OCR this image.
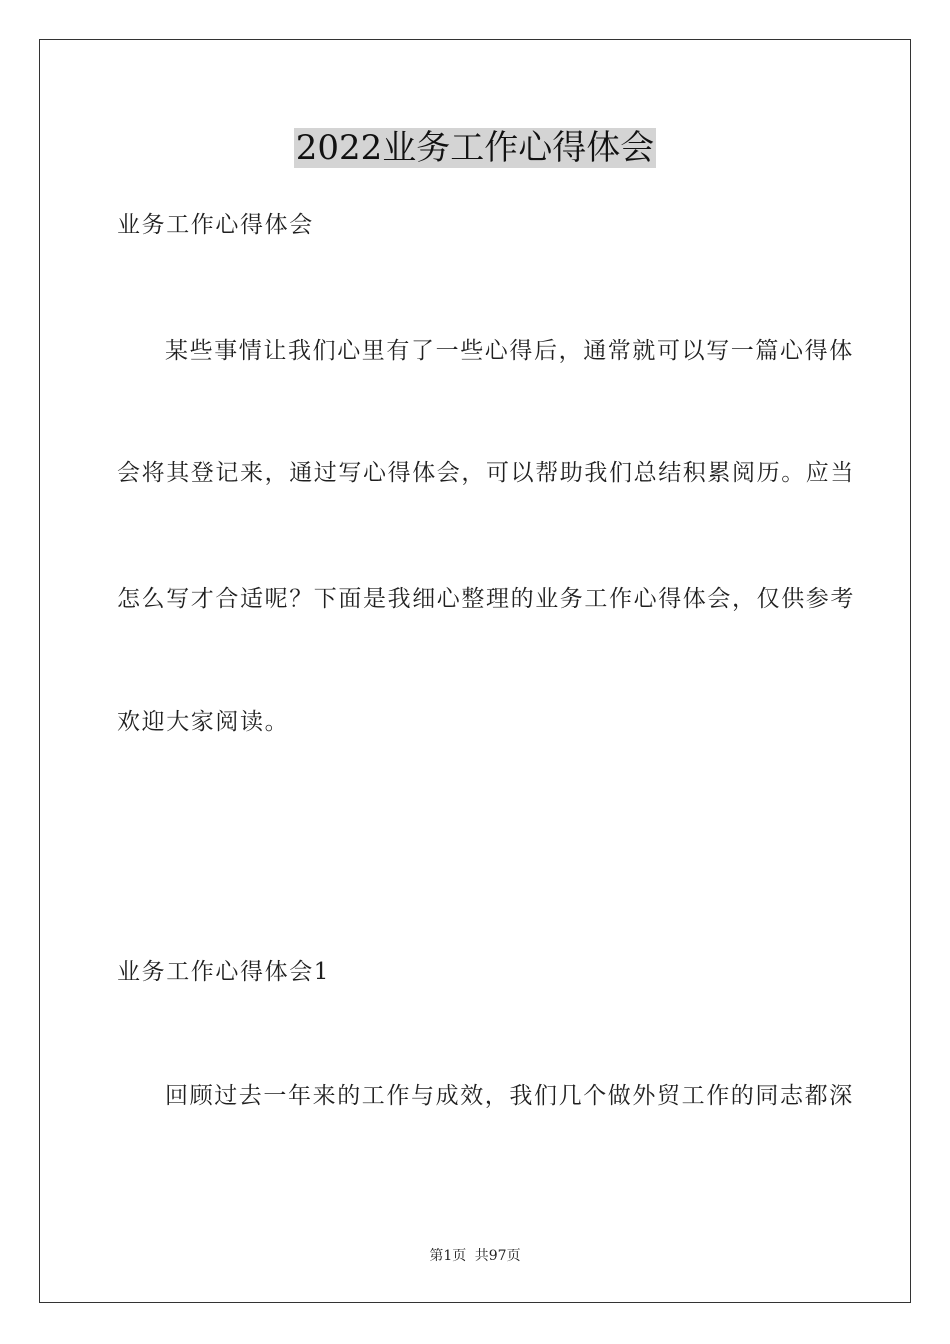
2022业务工作心得体会
业务工作心得体会
某些事情让我们心里有了一些心得后，通常就可以写一篇心得体
会将其登记来，通过写心得体会，可以帮助我们总结积累阅历。应当
怎么写才合适呢？下面是我细心整理的业务工作心得体会，仅供参考
欢迎大家阅读。
业务工作心得体会1
回顾过去一年来的工作与成效，我们几个做外贸工作的同志都深
第1页 共97页
